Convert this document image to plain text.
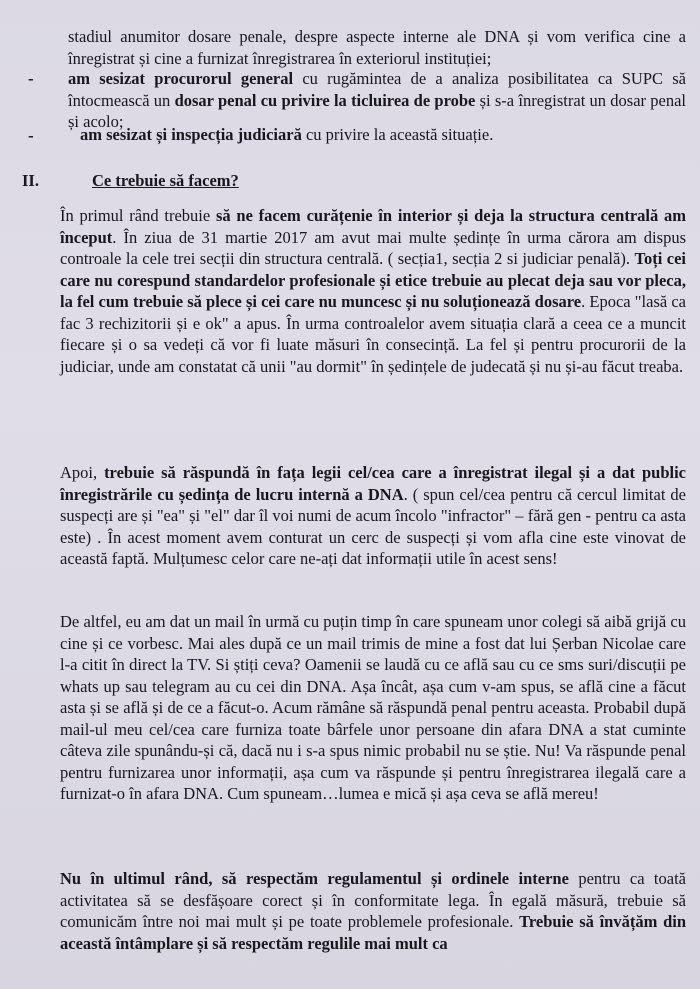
stadiul anumitor dosare penale, despre aspecte interne ale DNA și vom verifica cine a înregistrat și cine a furnizat înregistrarea în exteriorul instituției;

- am sesizat procurorul general cu rugămintea de a analiza posibilitatea ca SUPC să întocmească un dosar penal cu privire la ticluirea de probe și s-a înregistrat un dosar penal și acolo;

-	am sesizat și inspecția judiciară cu privire la această situație.

II.	Ce trebuie să facem?

În primul rând trebuie să ne facem curățenie în interior și deja la structura centrală am început. În ziua de 31 martie 2017 am avut mai multe ședințe în urma cărora am dispus controale la cele trei secții din structura centrală. ( secția1, secția 2 si judiciar penală). Toți cei care nu corespund standardelor profesionale și etice trebuie au plecat deja sau vor pleca, la fel cum trebuie să plece și cei care nu muncesc și nu soluționează dosare. Epoca "lasă ca fac 3 rechizitorii și e ok" a apus. În urma controalelor avem situația clară a ceea ce a muncit fiecare și o sa vedeți că vor fi luate măsuri în consecință. La fel și pentru procurorii de la judiciar, unde am constatat că unii "au dormit" în ședințele de judecată și nu și-au făcut treaba.

Apoi, trebuie să răspundă în fața legii cel/cea care a înregistrat ilegal și a dat public înregistrările cu ședința de lucru internă a DNA. ( spun cel/cea pentru că cercul limitat de suspecți are și "ea" și "el" dar îl voi numi de acum încolo "infractor" – fără gen - pentru ca asta este) . În acest moment avem conturat un cerc de suspecți și vom afla cine este vinovat de această faptă. Mulțumesc celor care ne-ați dat informații utile în acest sens!

De altfel, eu am dat un mail în urmă cu puțin timp în care spuneam unor colegi să aibă grijă cu cine și ce vorbesc. Mai ales după ce un mail trimis de mine a fost dat lui Șerban Nicolae care l-a citit în direct la TV. Si știți ceva? Oamenii se laudă cu ce află sau cu ce sms suri/discuții pe whats up sau telegram au cu cei din DNA. Așa încât, așa cum v-am spus, se află cine a făcut asta și se află și de ce a făcut-o. Acum rămâne să răspundă penal pentru aceasta. Probabil după mail-ul meu cel/cea care furniza toate bârfele unor persoane din afara DNA a stat cuminte câteva zile spunându-și că, dacă nu i s-a spus nimic probabil nu se știe. Nu! Va răspunde penal pentru furnizarea unor informații, așa cum va răspunde și pentru înregistrarea ilegală care a furnizat-o în afara DNA. Cum spuneam…lumea e mică și așa ceva se află mereu!

Nu în ultimul rând, să respectăm regulamentul și ordinele interne pentru ca toată activitatea să se desfășoare corect și în conformitate lega. În egală măsură, trebuie să comunicăm între noi mai mult și pe toate problemele profesionale. Trebuie să învățăm din această întâmplare și să respectăm regulile mai mult ca
